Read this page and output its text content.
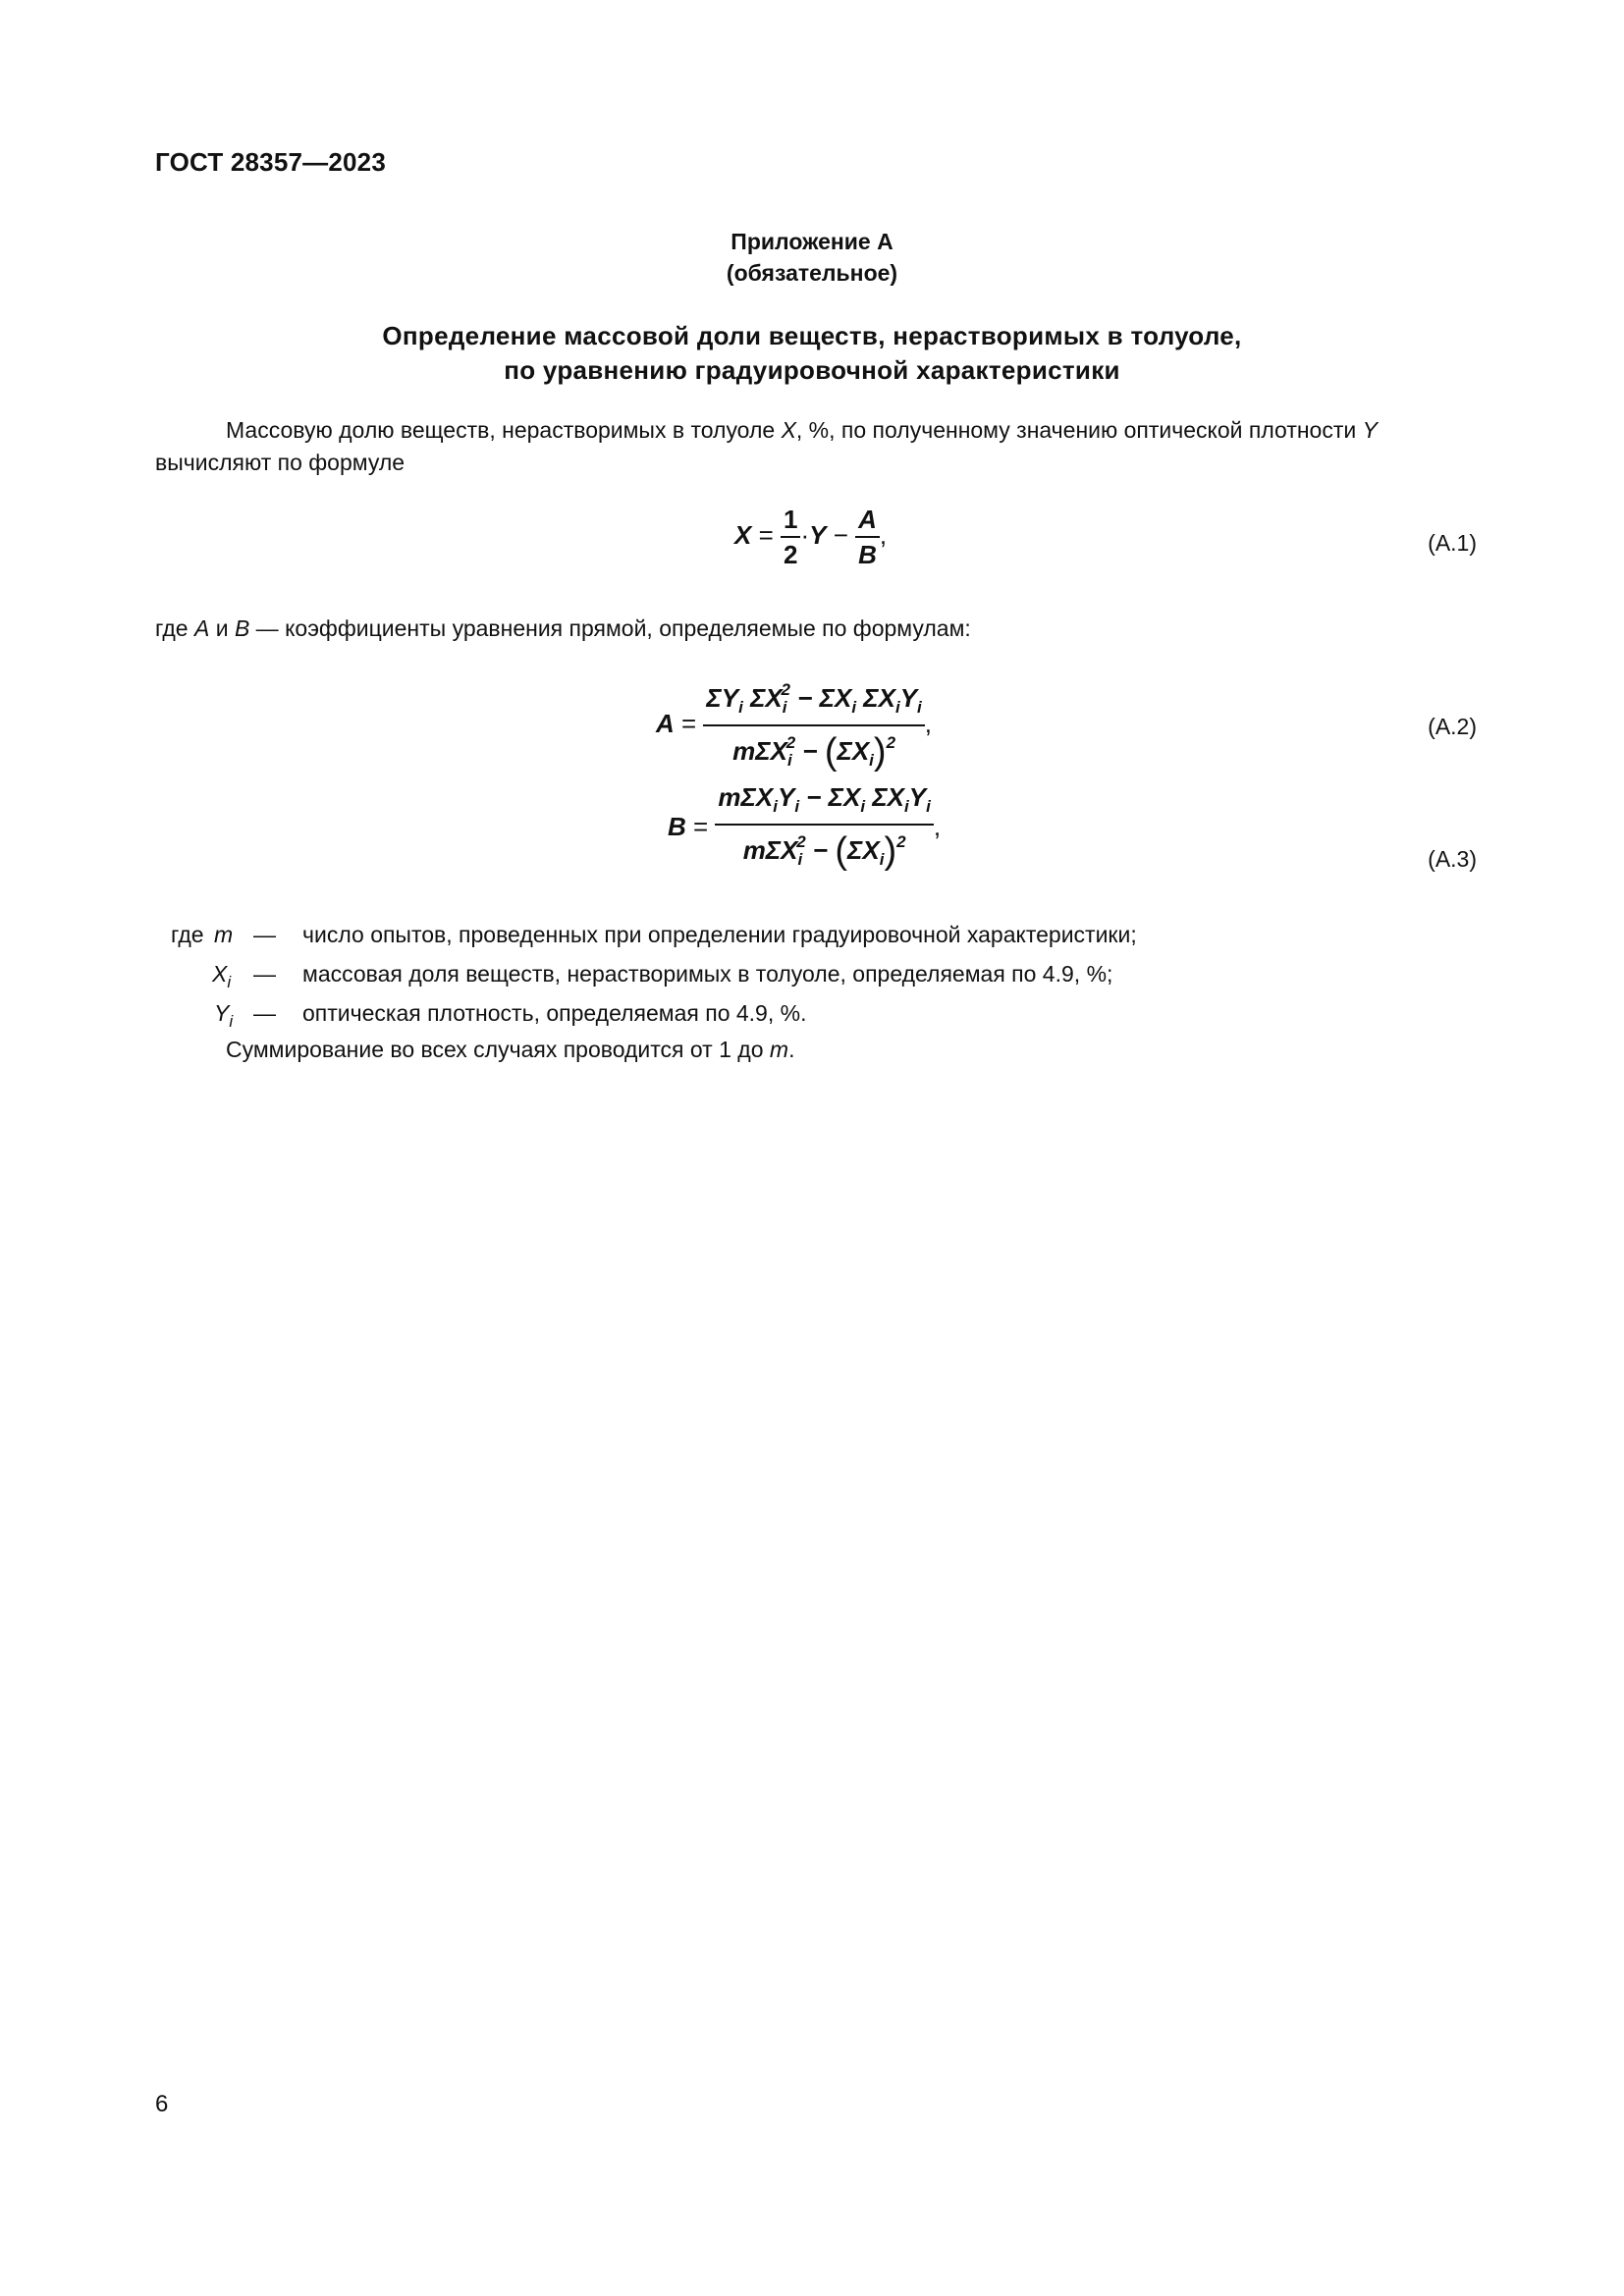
ГОСТ 28357—2023
Приложение А
(обязательное)
Определение массовой доли веществ, нерастворимых в толуоле,
по уравнению градуировочной характеристики
Массовую долю веществ, нерастворимых в толуоле X, %, по полученному значению оптической плотности Y вычисляют по формуле
$X = \frac{1}{2} \cdot Y - \frac{A}{B}$ ,	(A.1)
где A и B — коэффициенты уравнения прямой, определяемые по формулам:
$A = \frac{\Sigma Y_i \Sigma X_i^2 - \Sigma X_i \Sigma X_iY_i}{m\Sigma X_i^2 - (\Sigma X_i)^2}$ ,	(A.2)
$B = \frac{m\Sigma X_iY_i - \Sigma X_i \Sigma X_iY_i}{m\Sigma X_i^2 - (\Sigma X_i)^2}$ ,
(A.3)
где m — число опытов, проведенных при определении градуировочной характеристики;
$X_i$ — массовая доля веществ, нерастворимых в толуоле, определяемая по 4.9, %;
$Y_i$ — оптическая плотность, определяемая по 4.9, %.
Суммирование во всех случаях проводится от 1 до m.
6
